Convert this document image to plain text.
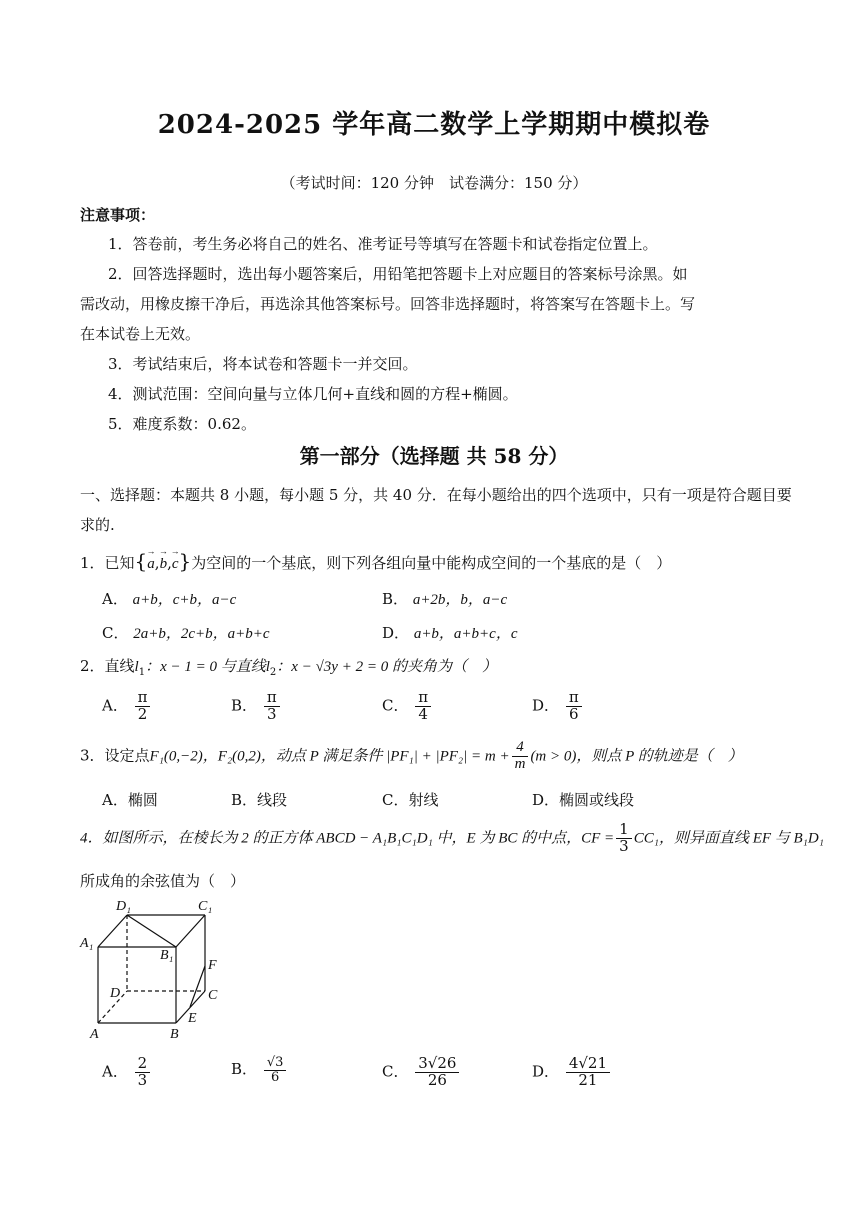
2024-2025 学年高二数学上学期期中模拟卷
（考试时间：120 分钟　试卷满分：150 分）
注意事项：
1．答卷前，考生务必将自己的姓名、准考证号等填写在答题卡和试卷指定位置上。
2．回答选择题时，选出每小题答案后，用铅笔把答题卡上对应题目的答案标号涂黑。如
需改动，用橡皮擦干净后，再选涂其他答案标号。回答非选择题时，将答案写在答题卡上。写
在本试卷上无效。
3．考试结束后，将本试卷和答题卡一并交回。
4．测试范围：空间向量与立体几何+直线和圆的方程+椭圆。
5．难度系数：0.62。
第一部分（选择题 共 58 分）
一、选择题：本题共 8 小题，每小题 5 分，共 40 分．在每小题给出的四个选项中，只有一项是符合题目要
求的.
1．已知{→ a,→ b,→ c}为空间的一个基底，则下列各组向量中能构成空间的一个基底的是（　）
A． a+b，c+b，a−c	B． a+2b，b，a−c
C． 2a+b，2c+b，a+b+c	D． a+b，a+b+c，c
2．直线$l_1$：x − 1 = 0 与直线$l_2$：x − √3y + 2 = 0 的夹角为（　）
A． $\frac{\pi}{2}$	B． $\frac{\pi}{3}$	C． $\frac{\pi}{4}$	D． $\frac{\pi}{6}$
3．设定点F₁(0,−2)，F₂(0,2)，动点 P 满足条件 $|PF_1| + |PF_2| = m + \frac{4}{m} (m > 0)$，则点 P 的轨迹是（　）
A．椭圆	B．线段	C．射线	D．椭圆或线段
4．如图所示，在棱长为 2 的正方体 ABCD − A₁B₁C₁D₁ 中，E 为 BC 的中点，CF = $\frac{1}{3} CC_1$，则异面直线 EF 与 B₁D₁
所成角的余弦值为（　）
D₁	C₁
A₁
B₁
F
D	C
E
A	B
A． $\frac{2}{3}$	B． $\frac{√3}{6}$	C． $\frac{3√26}{26}$	D． $\frac{4√21}{21}$
